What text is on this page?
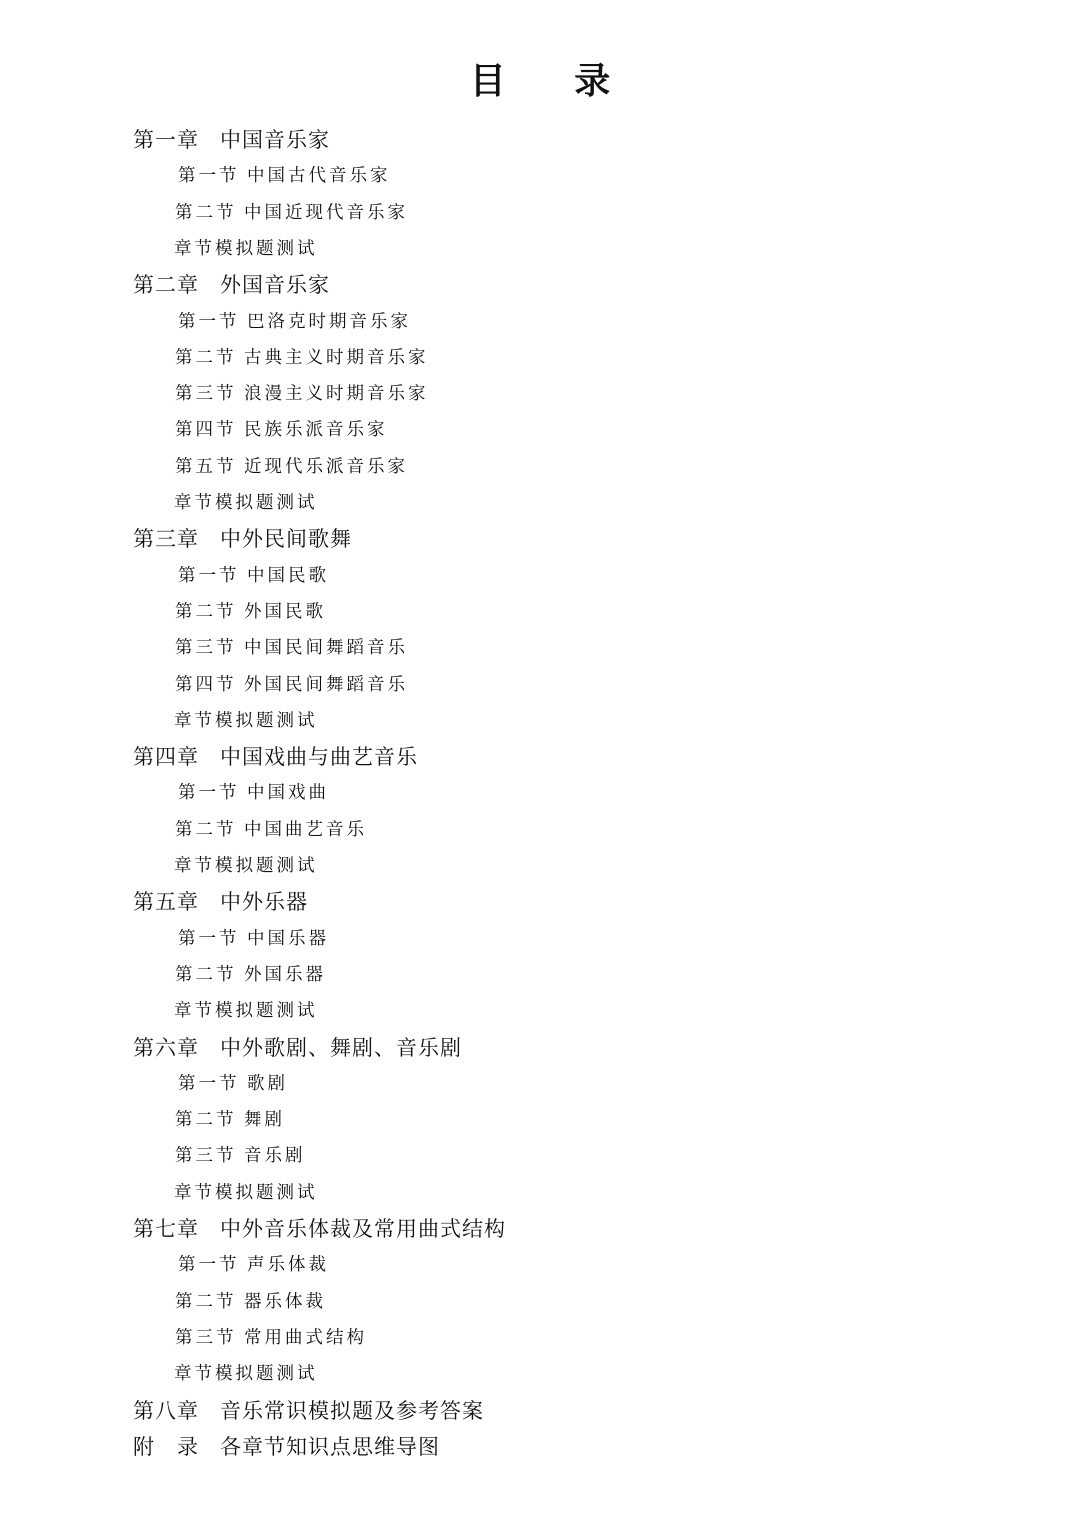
目 录
第一章 中国音乐家
第一节 中国古代音乐家
第二节 中国近现代音乐家
章节模拟题测试
第二章 外国音乐家
第一节 巴洛克时期音乐家
第二节 古典主义时期音乐家
第三节 浪漫主义时期音乐家
第四节 民族乐派音乐家
第五节 近现代乐派音乐家
章节模拟题测试
第三章 中外民间歌舞
第一节 中国民歌
第二节 外国民歌
第三节 中国民间舞蹈音乐
第四节 外国民间舞蹈音乐
章节模拟题测试
第四章 中国戏曲与曲艺音乐
第一节 中国戏曲
第二节 中国曲艺音乐
章节模拟题测试
第五章 中外乐器
第一节 中国乐器
第二节 外国乐器
章节模拟题测试
第六章 中外歌剧、舞剧、音乐剧
第一节 歌剧
第二节 舞剧
第三节 音乐剧
章节模拟题测试
第七章 中外音乐体裁及常用曲式结构
第一节 声乐体裁
第二节 器乐体裁
第三节 常用曲式结构
章节模拟题测试
第八章 音乐常识模拟题及参考答案
附　录 各章节知识点思维导图
